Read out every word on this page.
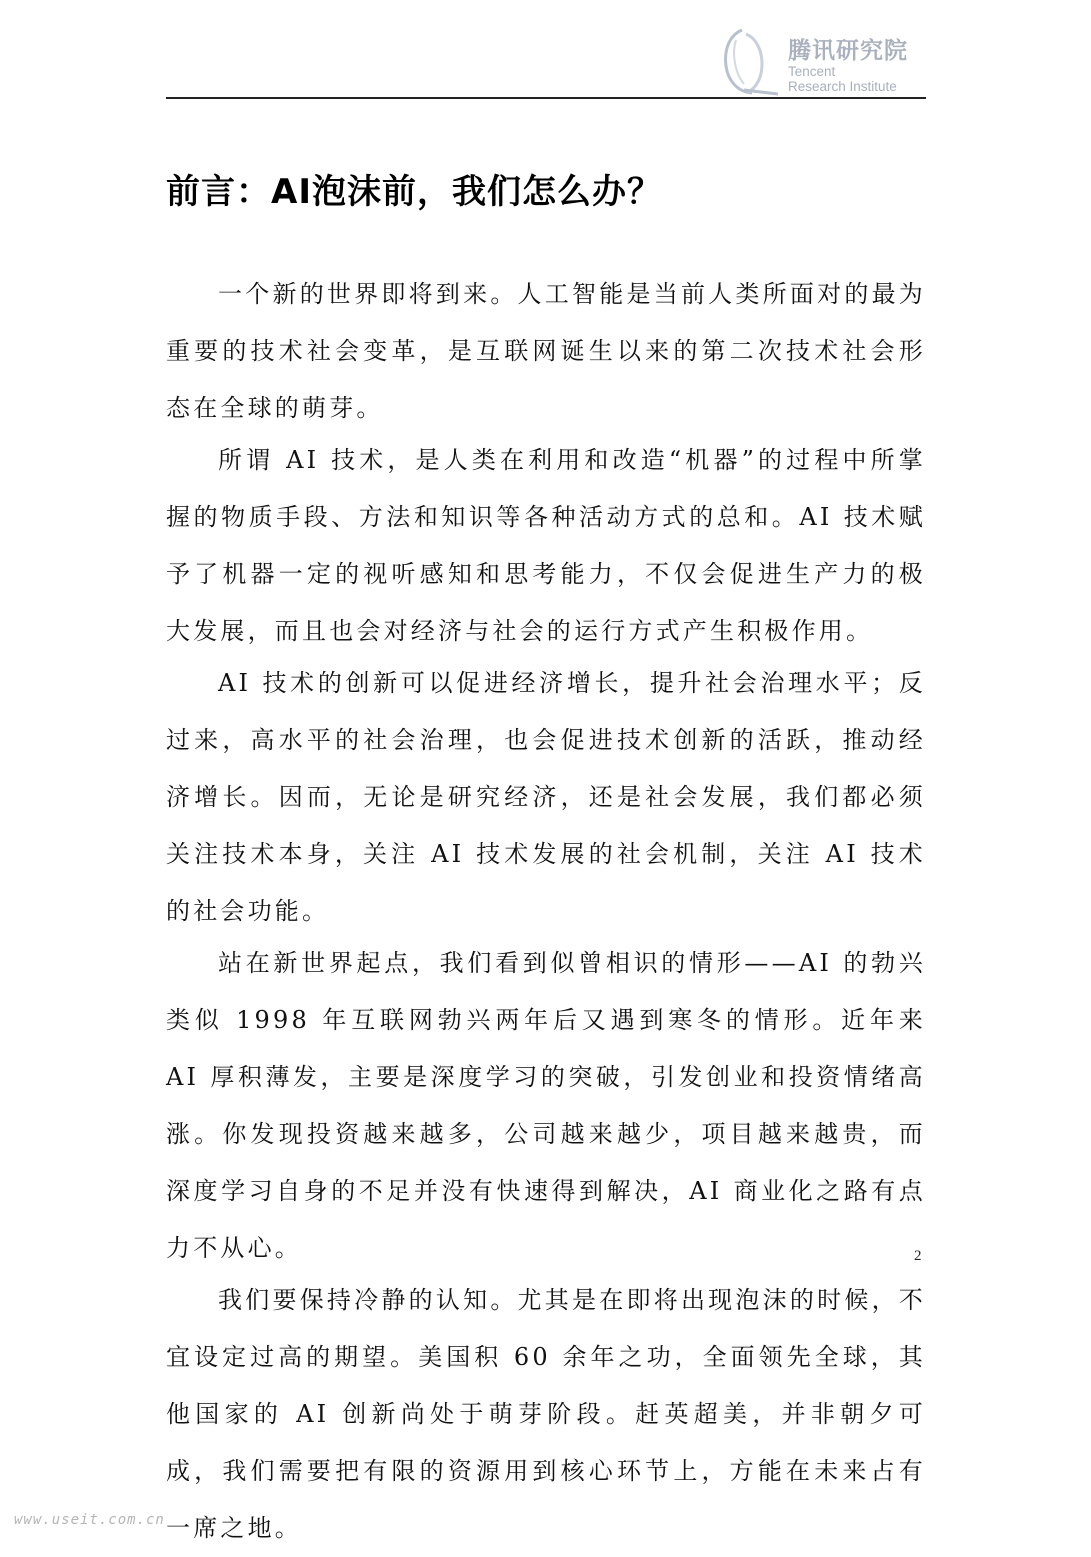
腾讯研究院
Tencent
Research Institute
前言：AI泡沫前，我们怎么办？

一个新的世界即将到来。人工智能是当前人类所面对的最为重要的技术社会变革，是互联网诞生以来的第二次技术社会形态在全球的萌芽。

所谓 AI 技术，是人类在利用和改造“机器”的过程中所掌握的物质手段、方法和知识等各种活动方式的总和。AI 技术赋予了机器一定的视听感知和思考能力，不仅会促进生产力的极大发展，而且也会对经济与社会的运行方式产生积极作用。

AI 技术的创新可以促进经济增长，提升社会治理水平；反过来，高水平的社会治理，也会促进技术创新的活跃，推动经济增长。因而，无论是研究经济，还是社会发展，我们都必须关注技术本身，关注 AI 技术发展的社会机制，关注 AI 技术的社会功能。

站在新世界起点，我们看到似曾相识的情形——AI 的勃兴类似 1998 年互联网勃兴两年后又遇到寒冬的情形。近年来 AI 厚积薄发，主要是深度学习的突破，引发创业和投资情绪高涨。你发现投资越来越多，公司越来越少，项目越来越贵，而深度学习自身的不足并没有快速得到解决，AI 商业化之路有点力不从心。

我们要保持冷静的认知。尤其是在即将出现泡沫的时候，不宜设定过高的期望。美国积 60 余年之功，全面领先全球，其他国家的 AI 创新尚处于萌芽阶段。赶英超美，并非朝夕可成，我们需要把有限的资源用到核心环节上，方能在未来占有一席之地。

2
www.useit.com.cn
